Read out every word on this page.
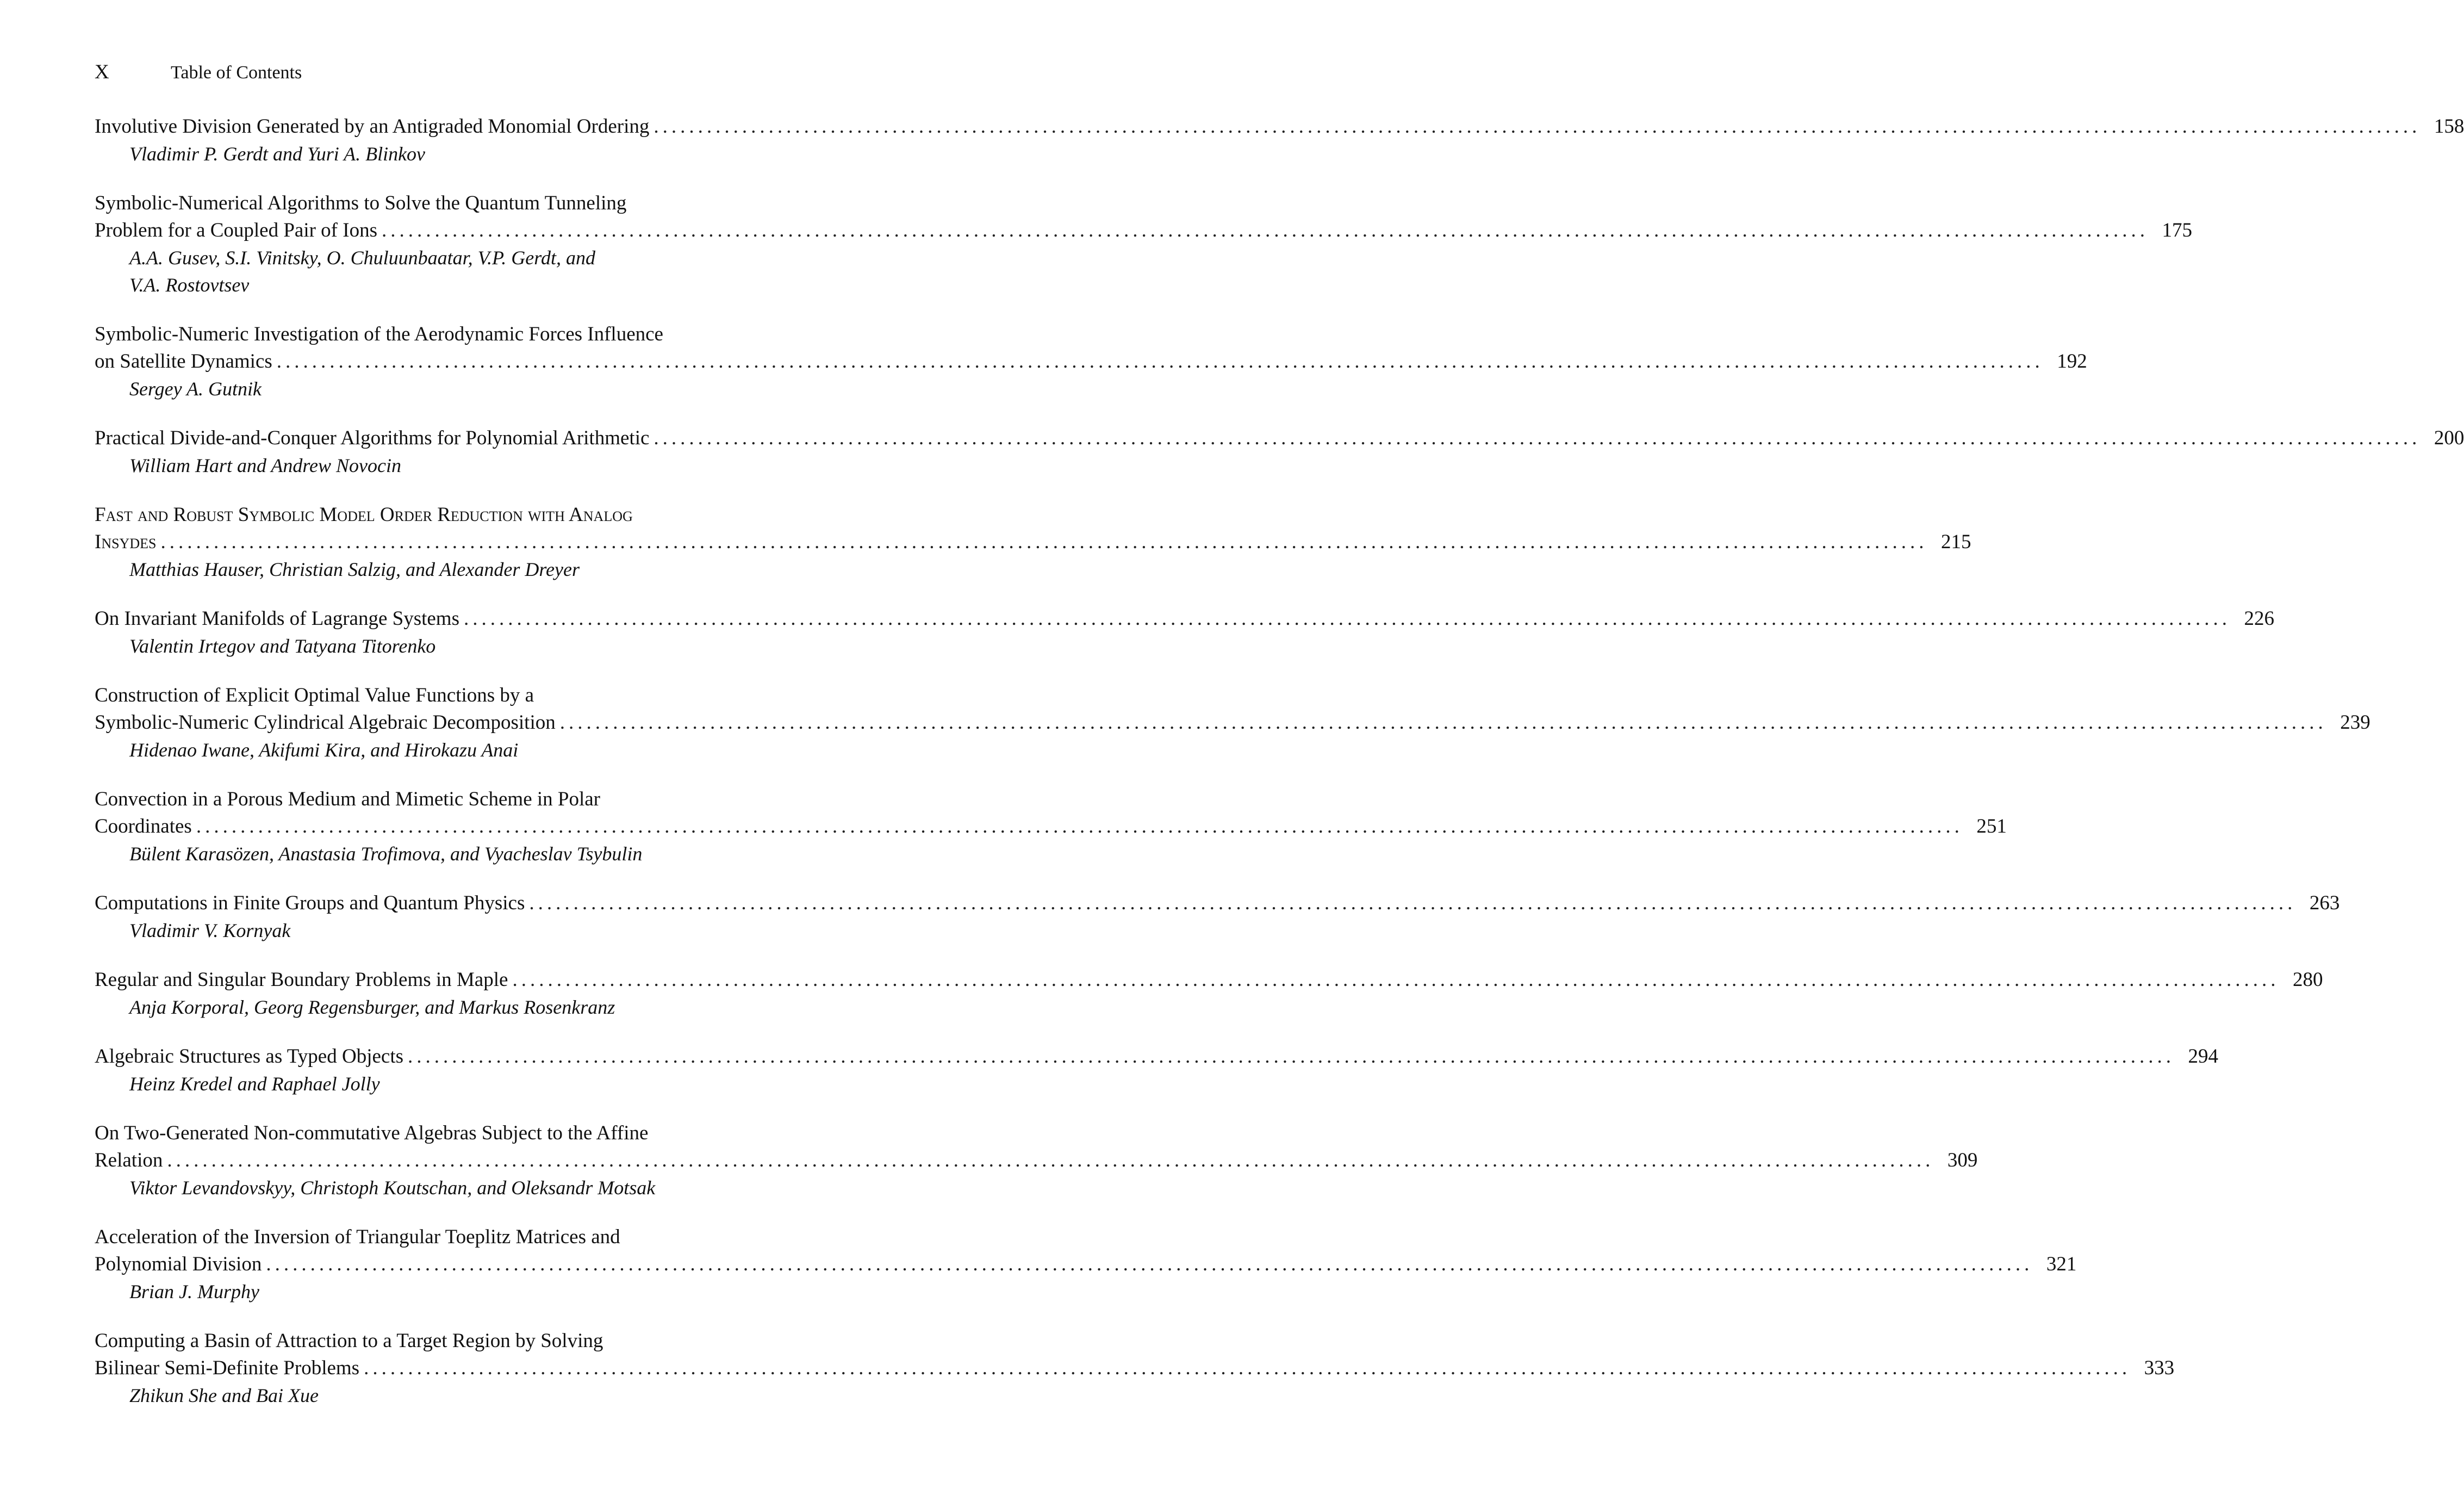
X	Table of Contents
Involutive Division Generated by an Antigraded Monomial Ordering ........................................................................................................................................................................................................ 158
Vladimir P. Gerdt and Yuri A. Blinkov
Symbolic-Numerical Algorithms to Solve the Quantum Tunneling
Problem for a Coupled Pair of Ions ........................................................................................................................................................................................................ 175
A.A. Gusev, S.I. Vinitsky, O. Chuluunbaatar, V.P. Gerdt, and
V.A. Rostovtsev
Symbolic-Numeric Investigation of the Aerodynamic Forces Influence
on Satellite Dynamics ........................................................................................................................................................................................................ 192
Sergey A. Gutnik
Practical Divide-and-Conquer Algorithms for Polynomial Arithmetic ........................................................................................................................................................................................................ 200
William Hart and Andrew Novocin
Fast and Robust Symbolic Model Order Reduction with Analog
Insydes ........................................................................................................................................................................................................ 215
Matthias Hauser, Christian Salzig, and Alexander Dreyer
On Invariant Manifolds of Lagrange Systems ........................................................................................................................................................................................................ 226
Valentin Irtegov and Tatyana Titorenko
Construction of Explicit Optimal Value Functions by a
Symbolic-Numeric Cylindrical Algebraic Decomposition ........................................................................................................................................................................................................ 239
Hidenao Iwane, Akifumi Kira, and Hirokazu Anai
Convection in a Porous Medium and Mimetic Scheme in Polar
Coordinates ........................................................................................................................................................................................................ 251
Bülent Karasözen, Anastasia Trofimova, and Vyacheslav Tsybulin
Computations in Finite Groups and Quantum Physics ........................................................................................................................................................................................................ 263
Vladimir V. Kornyak
Regular and Singular Boundary Problems in Maple ........................................................................................................................................................................................................ 280
Anja Korporal, Georg Regensburger, and Markus Rosenkranz
Algebraic Structures as Typed Objects ........................................................................................................................................................................................................ 294
Heinz Kredel and Raphael Jolly
On Two-Generated Non-commutative Algebras Subject to the Affine
Relation ........................................................................................................................................................................................................ 309
Viktor Levandovskyy, Christoph Koutschan, and Oleksandr Motsak
Acceleration of the Inversion of Triangular Toeplitz Matrices and
Polynomial Division ........................................................................................................................................................................................................ 321
Brian J. Murphy
Computing a Basin of Attraction to a Target Region by Solving
Bilinear Semi-Definite Problems ........................................................................................................................................................................................................ 333
Zhikun She and Bai Xue
